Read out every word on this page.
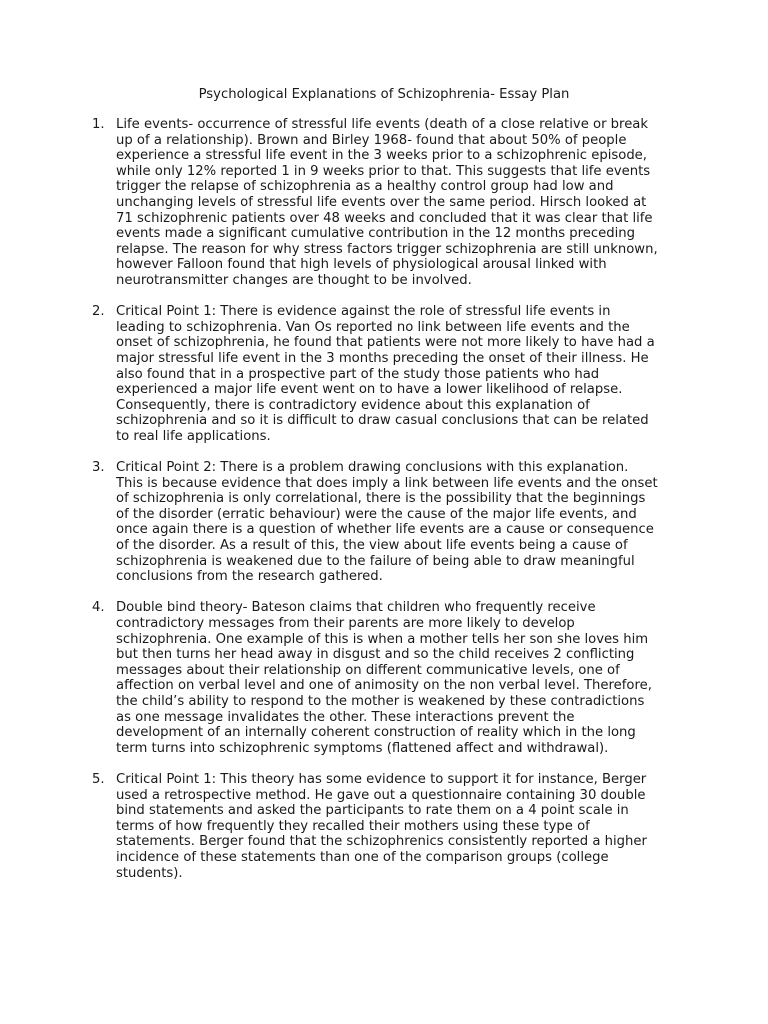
Psychological Explanations of Schizophrenia- Essay Plan
1. Life events- occurrence of stressful life events (death of a close relative or break up of a relationship). Brown and Birley 1968- found that about 50% of people experience a stressful life event in the 3 weeks prior to a schizophrenic episode, while only 12% reported 1 in 9 weeks prior to that. This suggests that life events trigger the relapse of schizophrenia as a healthy control group had low and unchanging levels of stressful life events over the same period. Hirsch looked at 71 schizophrenic patients over 48 weeks and concluded that it was clear that life events made a significant cumulative contribution in the 12 months preceding relapse. The reason for why stress factors trigger schizophrenia are still unknown, however Falloon found that high levels of physiological arousal linked with neurotransmitter changes are thought to be involved.
2. Critical Point 1: There is evidence against the role of stressful life events in leading to schizophrenia. Van Os reported no link between life events and the onset of schizophrenia, he found that patients were not more likely to have had a major stressful life event in the 3 months preceding the onset of their illness. He also found that in a prospective part of the study those patients who had experienced a major life event went on to have a lower likelihood of relapse. Consequently, there is contradictory evidence about this explanation of schizophrenia and so it is difficult to draw casual conclusions that can be related to real life applications.
3. Critical Point 2: There is a problem drawing conclusions with this explanation. This is because evidence that does imply a link between life events and the onset of schizophrenia is only correlational, there is the possibility that the beginnings of the disorder (erratic behaviour) were the cause of the major life events, and once again there is a question of whether life events are a cause or consequence of the disorder. As a result of this, the view about life events being a cause of schizophrenia is weakened due to the failure of being able to draw meaningful conclusions from the research gathered.
4. Double bind theory- Bateson claims that children who frequently receive contradictory messages from their parents are more likely to develop schizophrenia. One example of this is when a mother tells her son she loves him but then turns her head away in disgust and so the child receives 2 conflicting messages about their relationship on different communicative levels, one of affection on verbal level and one of animosity on the non verbal level. Therefore, the child’s ability to respond to the mother is weakened by these contradictions as one message invalidates the other. These interactions prevent the development of an internally coherent construction of reality which in the long term turns into schizophrenic symptoms (flattened affect and withdrawal).
5. Critical Point 1: This theory has some evidence to support it for instance, Berger used a retrospective method. He gave out a questionnaire containing 30 double bind statements and asked the participants to rate them on a 4 point scale in terms of how frequently they recalled their mothers using these type of statements. Berger found that the schizophrenics consistently reported a higher incidence of these statements than one of the comparison groups (college students).
